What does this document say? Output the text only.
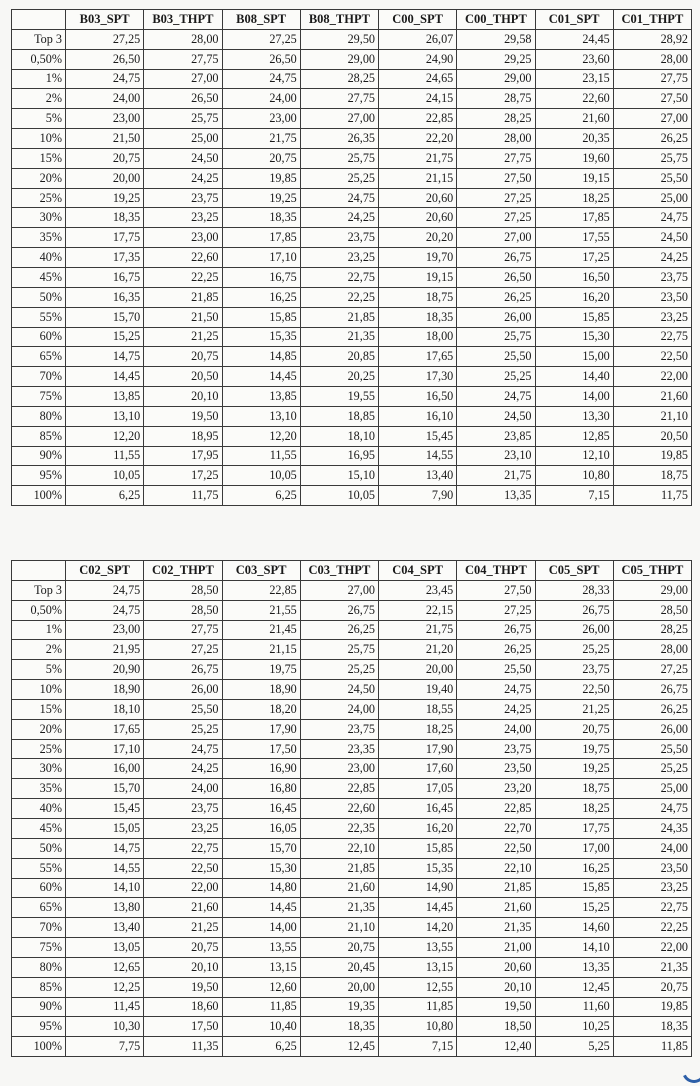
	B03_SPT	B03_THPT	B08_SPT	B08_THPT	C00_SPT	C00_THPT	C01_SPT	C01_THPT
Top 3	27,25	28,00	27,25	29,50	26,07	29,58	24,45	28,92
0,50%	26,50	27,75	26,50	29,00	24,90	29,25	23,60	28,00
1%	24,75	27,00	24,75	28,25	24,65	29,00	23,15	27,75
2%	24,00	26,50	24,00	27,75	24,15	28,75	22,60	27,50
5%	23,00	25,75	23,00	27,00	22,85	28,25	21,60	27,00
10%	21,50	25,00	21,75	26,35	22,20	28,00	20,35	26,25
15%	20,75	24,50	20,75	25,75	21,75	27,75	19,60	25,75
20%	20,00	24,25	19,85	25,25	21,15	27,50	19,15	25,50
25%	19,25	23,75	19,25	24,75	20,60	27,25	18,25	25,00
30%	18,35	23,25	18,35	24,25	20,60	27,25	17,85	24,75
35%	17,75	23,00	17,85	23,75	20,20	27,00	17,55	24,50
40%	17,35	22,60	17,10	23,25	19,70	26,75	17,25	24,25
45%	16,75	22,25	16,75	22,75	19,15	26,50	16,50	23,75
50%	16,35	21,85	16,25	22,25	18,75	26,25	16,20	23,50
55%	15,70	21,50	15,85	21,85	18,35	26,00	15,85	23,25
60%	15,25	21,25	15,35	21,35	18,00	25,75	15,30	22,75
65%	14,75	20,75	14,85	20,85	17,65	25,50	15,00	22,50
70%	14,45	20,50	14,45	20,25	17,30	25,25	14,40	22,00
75%	13,85	20,10	13,85	19,55	16,50	24,75	14,00	21,60
80%	13,10	19,50	13,10	18,85	16,10	24,50	13,30	21,10
85%	12,20	18,95	12,20	18,10	15,45	23,85	12,85	20,50
90%	11,55	17,95	11,55	16,95	14,55	23,10	12,10	19,85
95%	10,05	17,25	10,05	15,10	13,40	21,75	10,80	18,75
100%	6,25	11,75	6,25	10,05	7,90	13,35	7,15	11,75
	C02_SPT	C02_THPT	C03_SPT	C03_THPT	C04_SPT	C04_THPT	C05_SPT	C05_THPT
Top 3	24,75	28,50	22,85	27,00	23,45	27,50	28,33	29,00
0,50%	24,75	28,50	21,55	26,75	22,15	27,25	26,75	28,50
1%	23,00	27,75	21,45	26,25	21,75	26,75	26,00	28,25
2%	21,95	27,25	21,15	25,75	21,20	26,25	25,25	28,00
5%	20,90	26,75	19,75	25,25	20,00	25,50	23,75	27,25
10%	18,90	26,00	18,90	24,50	19,40	24,75	22,50	26,75
15%	18,10	25,50	18,20	24,00	18,55	24,25	21,25	26,25
20%	17,65	25,25	17,90	23,75	18,25	24,00	20,75	26,00
25%	17,10	24,75	17,50	23,35	17,90	23,75	19,75	25,50
30%	16,00	24,25	16,90	23,00	17,60	23,50	19,25	25,25
35%	15,70	24,00	16,80	22,85	17,05	23,20	18,75	25,00
40%	15,45	23,75	16,45	22,60	16,45	22,85	18,25	24,75
45%	15,05	23,25	16,05	22,35	16,20	22,70	17,75	24,35
50%	14,75	22,75	15,70	22,10	15,85	22,50	17,00	24,00
55%	14,55	22,50	15,30	21,85	15,35	22,10	16,25	23,50
60%	14,10	22,00	14,80	21,60	14,90	21,85	15,85	23,25
65%	13,80	21,60	14,45	21,35	14,45	21,60	15,25	22,75
70%	13,40	21,25	14,00	21,10	14,20	21,35	14,60	22,25
75%	13,05	20,75	13,55	20,75	13,55	21,00	14,10	22,00
80%	12,65	20,10	13,15	20,45	13,15	20,60	13,35	21,35
85%	12,25	19,50	12,60	20,00	12,55	20,10	12,45	20,75
90%	11,45	18,60	11,85	19,35	11,85	19,50	11,60	19,85
95%	10,30	17,50	10,40	18,35	10,80	18,50	10,25	18,35
100%	7,75	11,35	6,25	12,45	7,15	12,40	5,25	11,85
